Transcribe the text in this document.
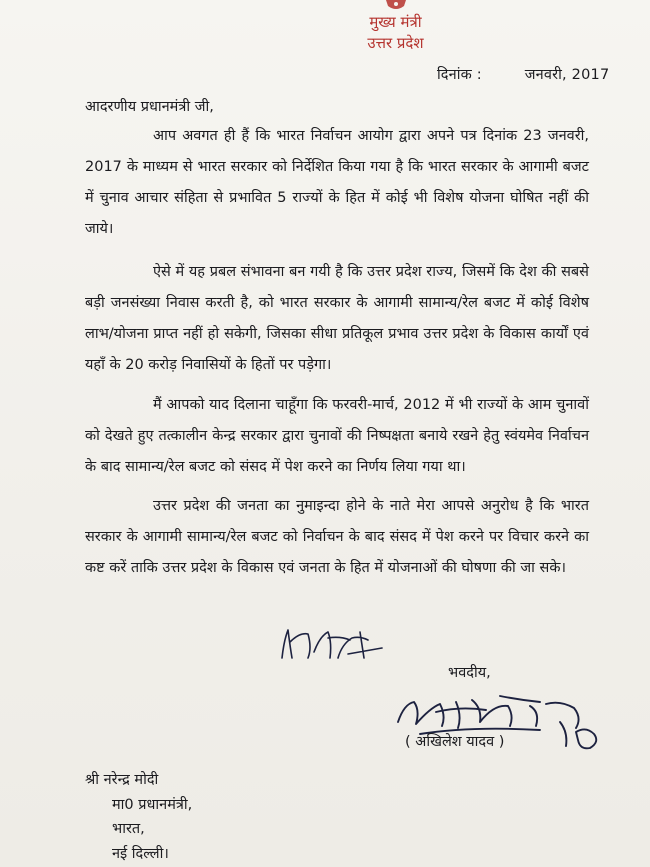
मुख्य मंत्री
उत्तर प्रदेश
दिनांक :	जनवरी, 2017
आदरणीय प्रधानमंत्री जी,

आप अवगत ही हैं कि भारत निर्वाचन आयोग द्वारा अपने पत्र दिनांक 23 जनवरी, 2017 के माध्यम से भारत सरकार को निर्देशित किया गया है कि भारत सरकार के आगामी बजट में चुनाव आचार संहिता से प्रभावित 5 राज्यों के हित में कोई भी विशेष योजना घोषित नहीं की जाये।

ऐसे में यह प्रबल संभावना बन गयी है कि उत्तर प्रदेश राज्य, जिसमें कि देश की सबसे बड़ी जनसंख्या निवास करती है, को भारत सरकार के आगामी सामान्य/रेल बजट में कोई विशेष लाभ/योजना प्राप्त नहीं हो सकेगी, जिसका सीधा प्रतिकूल प्रभाव उत्तर प्रदेश के विकास कार्यों एवं यहाँ के 20 करोड़ निवासियों के हितों पर पड़ेगा।

मैं आपको याद दिलाना चाहूँगा कि फरवरी-मार्च, 2012 में भी राज्यों के आम चुनावों को देखते हुए तत्कालीन केन्द्र सरकार द्वारा चुनावों की निष्पक्षता बनाये रखने हेतु स्वंयमेव निर्वाचन के बाद सामान्य/रेल बजट को संसद में पेश करने का निर्णय लिया गया था।

उत्तर प्रदेश की जनता का नुमाइन्दा होने के नाते मेरा आपसे अनुरोध है कि भारत सरकार के आगामी सामान्य/रेल बजट को निर्वाचन के बाद संसद में पेश करने पर विचार करने का कष्ट करें ताकि उत्तर प्रदेश के विकास एवं जनता के हित में योजनाओं की घोषणा की जा सके।

भवदीय,
( अखिलेश यादव )
श्री नरेन्द्र मोदी
मा0 प्रधानमंत्री,
भारत,
नई दिल्ली।
